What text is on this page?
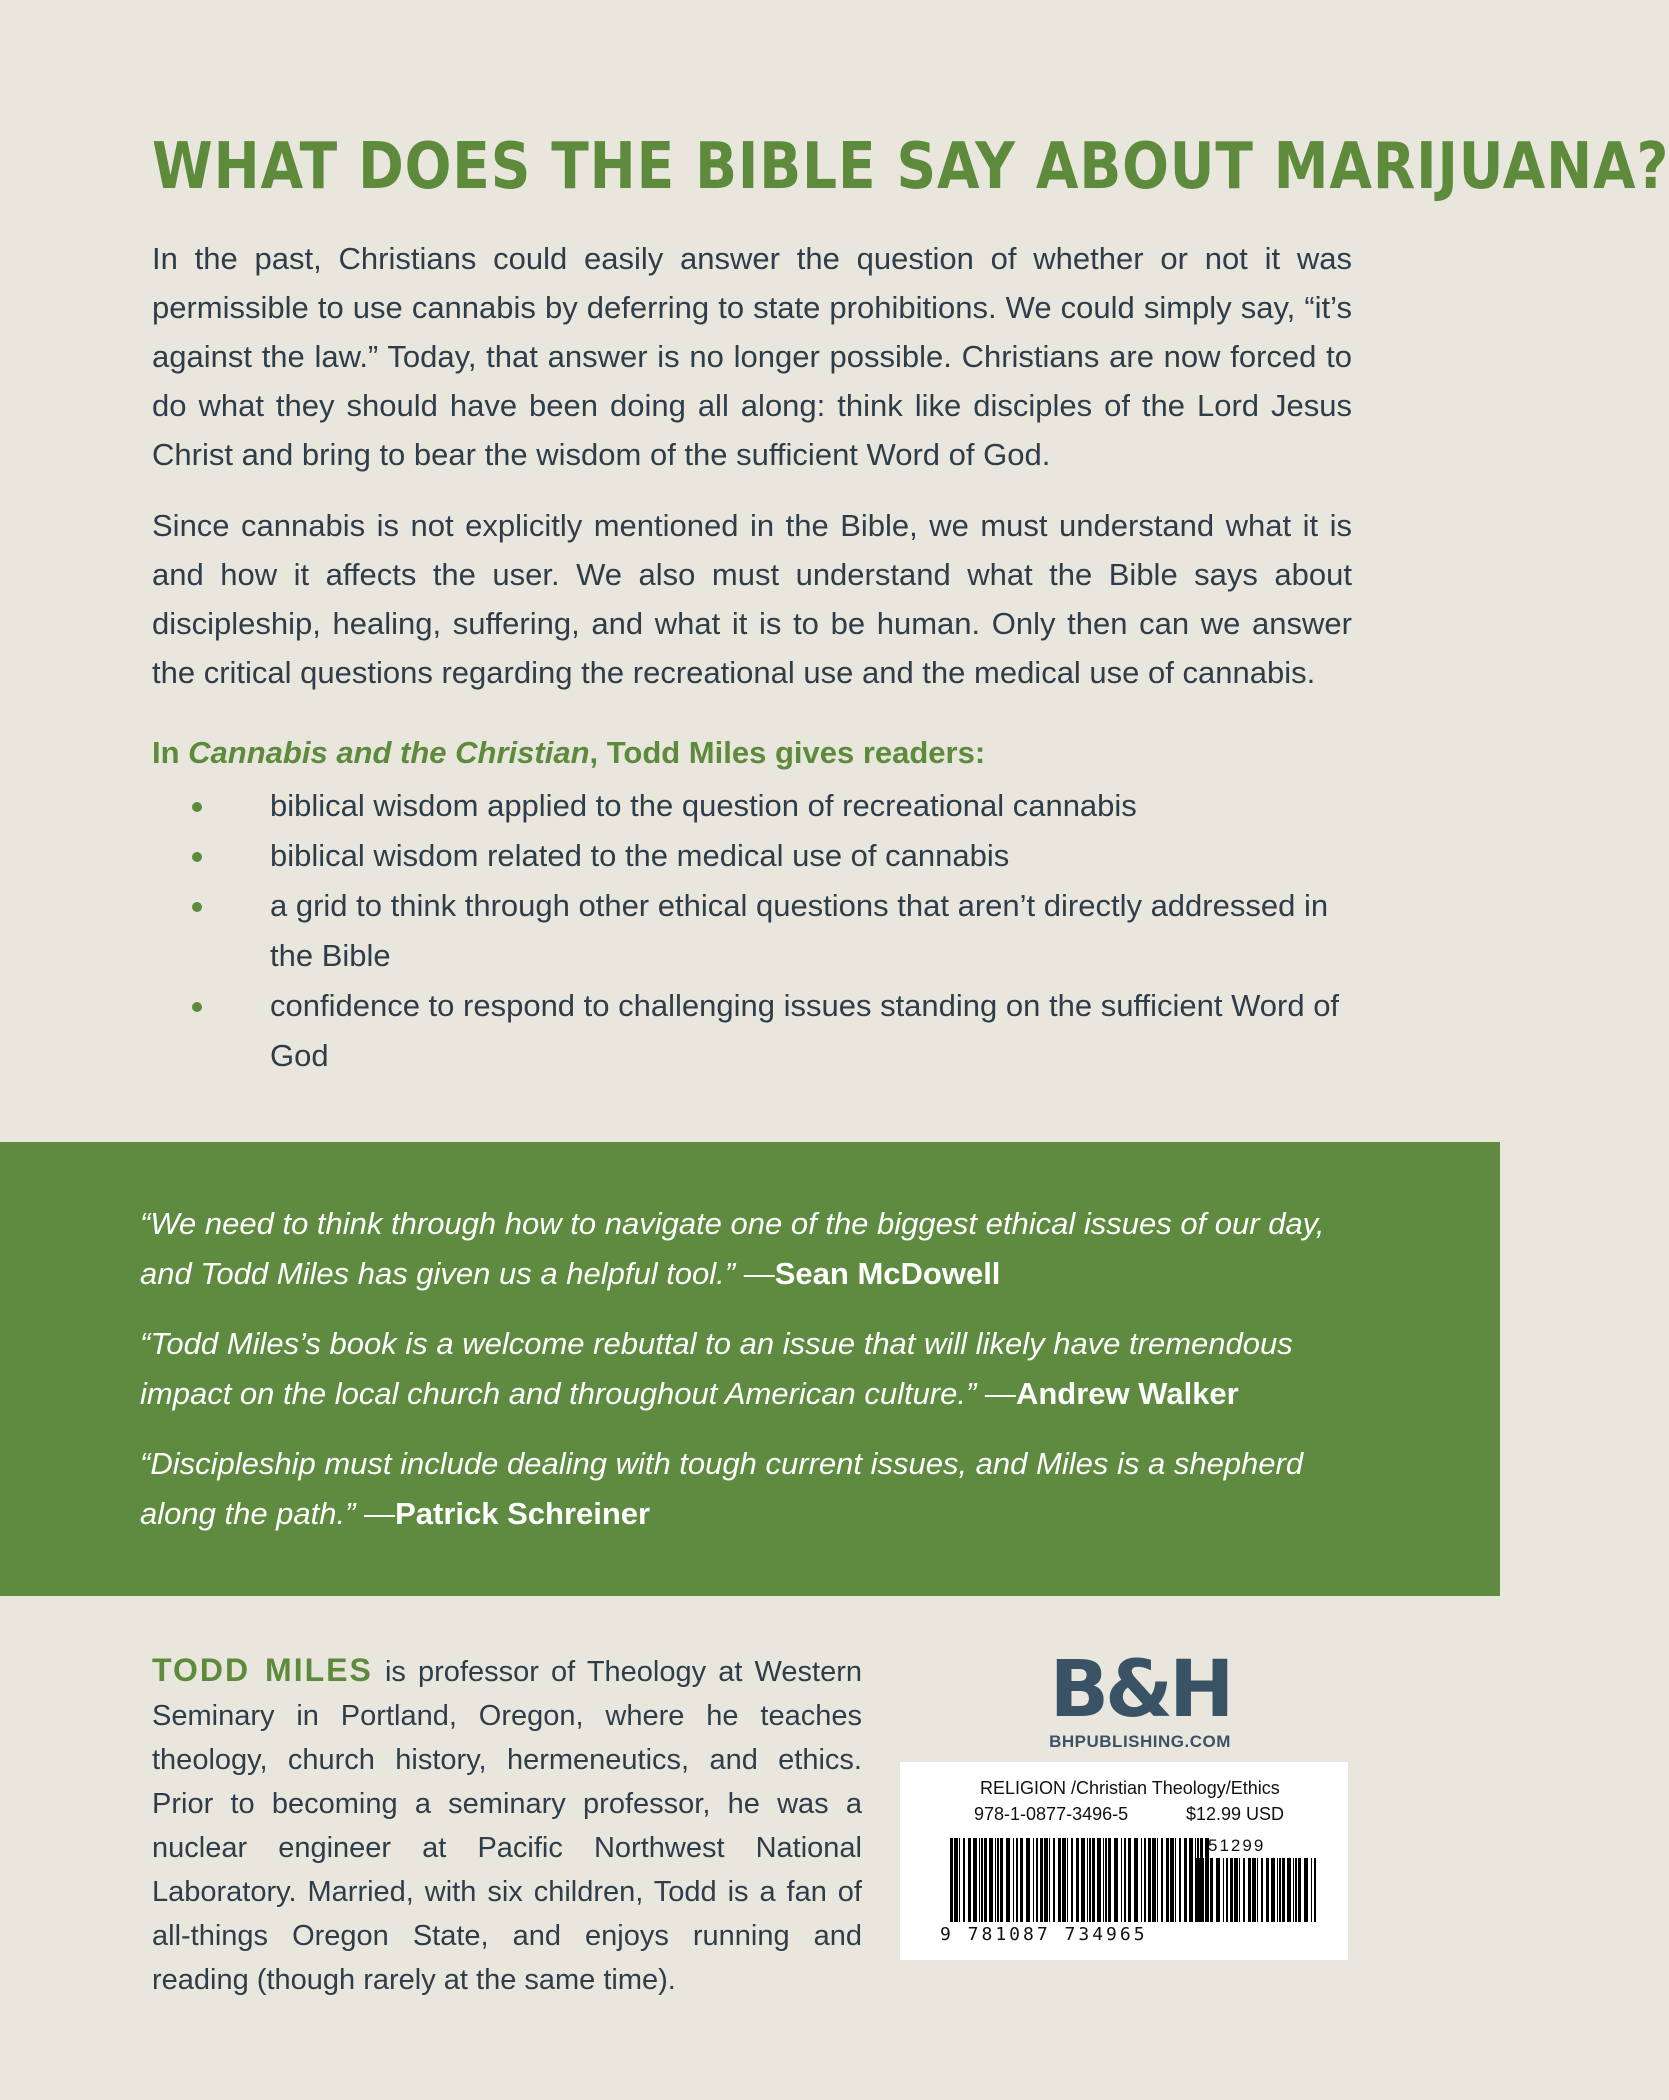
WHAT DOES THE BIBLE SAY ABOUT MARIJUANA?

In the past, Christians could easily answer the question of whether or not it was permissible to use cannabis by deferring to state prohibitions. We could simply say, “it’s against the law.” Today, that answer is no longer possible. Christians are now forced to do what they should have been doing all along: think like disciples of the Lord Jesus Christ and bring to bear the wisdom of the sufficient Word of God.

Since cannabis is not explicitly mentioned in the Bible, we must understand what it is and how it affects the user. We also must understand what the Bible says about discipleship, healing, suffering, and what it is to be human. Only then can we answer the critical questions regarding the recreational use and the medical use of cannabis.

In Cannabis and the Christian, Todd Miles gives readers:
biblical wisdom applied to the question of recreational cannabis
biblical wisdom related to the medical use of cannabis
a grid to think through other ethical questions that aren’t directly addressed in the Bible
confidence to respond to challenging issues standing on the sufficient Word of God
“We need to think through how to navigate one of the biggest ethical issues of our day, and Todd Miles has given us a helpful tool.” —Sean McDowell
“Todd Miles’s book is a welcome rebuttal to an issue that will likely have tremendous impact on the local church and throughout American culture.” —Andrew Walker
“Discipleship must include dealing with tough current issues, and Miles is a shepherd along the path.” —Patrick Schreiner
TODD MILES is professor of Theology at Western Seminary in Portland, Oregon, where he teaches theology, church history, hermeneutics, and ethics. Prior to becoming a seminary professor, he was a nuclear engineer at Pacific Northwest National Laboratory. Married, with six children, Todd is a fan of all-things Oregon State, and enjoys running and reading (though rarely at the same time).
B&H
BHPUBLISHING.COM
RELIGION /Christian Theology/Ethics
978-1-0877-3496-5	$12.99 USD
51299
9 781087 734965
